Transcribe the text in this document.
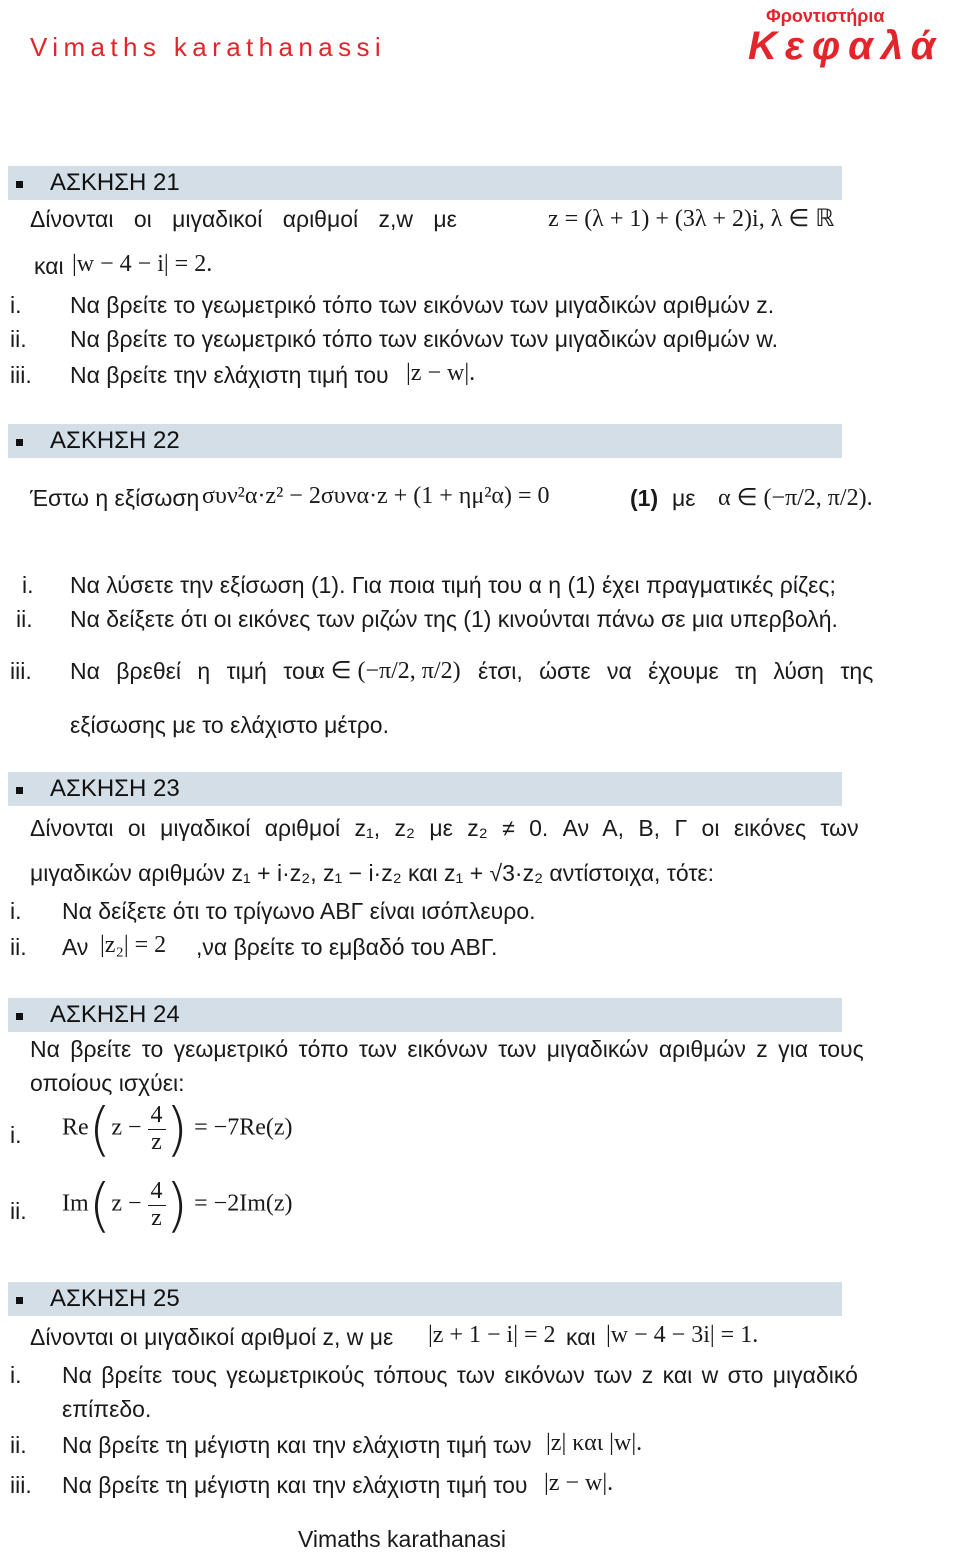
Vimaths karathanassi
Φροντιστήρια
Κεφαλά
ΑΣΚΗΣΗ 21
Δίνονται οι μιγαδικοί αριθμοί z,w με	z = (λ + 1) + (3λ + 2)i, λ ∈ ℝ
και |w − 4 − i| = 2.
i. Να βρείτε το γεωμετρικό τόπο των εικόνων των μιγαδικών αριθμών z.
ii. Να βρείτε το γεωμετρικό τόπο των εικόνων των μιγαδικών αριθμών w.
iii. Να βρείτε την ελάχιστη τιμή του |z − w|.
ΑΣΚΗΣΗ 22
Έστω η εξίσωση συν²α·z² − 2συνα·z + (1 + ημ²α) = 0	(1) με α ∈ (−π/2, π/2).
i. Να λύσετε την εξίσωση (1). Για ποια τιμή του α η (1) έχει πραγματικές ρίζες;
ii. Να δείξετε ότι οι εικόνες των ριζών της (1) κινούνται πάνω σε μια υπερβολή.
iii. Να βρεθεί η τιμή του
α ∈ (−π/2, π/2) έτσι, ώστε να έχουμε τη λύση της
εξίσωσης με το ελάχιστο μέτρο.
ΑΣΚΗΣΗ 23
Δίνονται οι μιγαδικοί αριθμοί z₁, z₂ με z₂ ≠ 0. Αν Α, Β, Γ οι εικόνες των
μιγαδικών αριθμών z₁ + i·z₂, z₁ − i·z₂ και z₁ + √3·z₂ αντίστοιχα, τότε:
i. Να δείξετε ότι το τρίγωνο ΑΒΓ είναι ισόπλευρο.
ii. Αν |z₂| = 2 ,να βρείτε το εμβαδό του ΑΒΓ.
ΑΣΚΗΣΗ 24
Να βρείτε το γεωμετρικό τόπο των εικόνων των μιγαδικών αριθμών z για τους
οποίους ισχύει:
i. $Re(z - \frac{4}{z}$ ) = −7Re(z)
ii. $Im(z - \frac{4}{z}$ ) = −2Im(z)
ΑΣΚΗΣΗ 25
Δίνονται οι μιγαδικοί αριθμοί z, w με |z + 1 − i| = 2 και |w − 4 − 3i| = 1.
i. Να βρείτε τους γεωμετρικούς τόπους των εικόνων των z και w στο μιγαδικό
επίπεδο.
ii. Να βρείτε τη μέγιστη και την ελάχιστη τιμή των |z| και |w|.
iii. Να βρείτε τη μέγιστη και την ελάχιστη τιμή του |z − w|.
Vimaths karathanasi
